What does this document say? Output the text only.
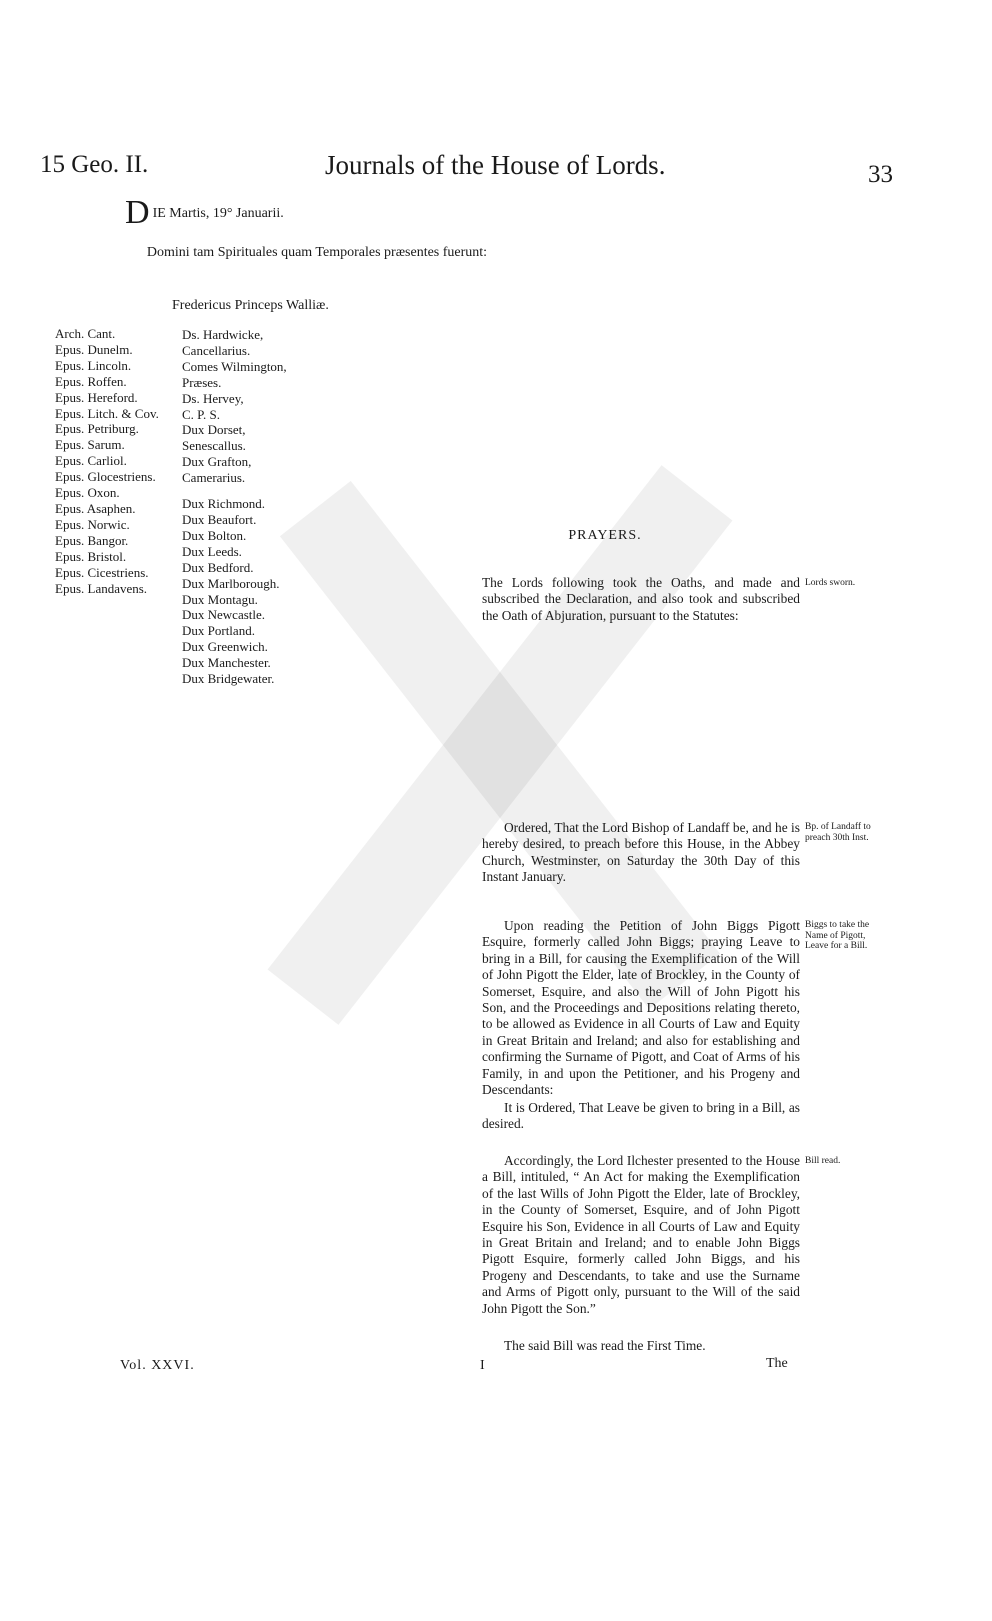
15 Geo. II.	Journals of the House of Lords.	33
DIE Martis, 19° Januarii.
Domini tam Spirituales quam Temporales præsentes fuerunt:
Fredericus Princeps Walliæ.
Arch. Cant.
Epus. Dunelm.
Epus. Lincoln.
Epus. Roffen.
Epus. Hereford.
Epus. Litch. & Cov.
Epus. Petriburg.
Epus. Sarum.
Epus. Carliol.
Epus. Glocestriens.
Epus. Oxon.
Epus. Asaphen.
Epus. Norwic.
Epus. Bangor.
Epus. Bristol.
Epus. Cicestriens.
Epus. Landavens.
Ds. Hardwicke,
Cancellarius.
Comes Wilmington,
Præses.
Ds. Hervey,
C. P. S.
Dux Dorset,
Senescallus.
Dux Grafton,
Camerarius.
Dux Richmond.
Dux Beaufort.
Dux Bolton.
Dux Leeds.
Dux Bedford.
Dux Marlborough.
Dux Montagu.
Dux Newcastle.
Dux Portland.
Dux Greenwich.
Dux Manchester.
Dux Bridgewater.
PRAYERS.
The Lords following took the Oaths, and made and subscribed the Declaration, and also took and subscribed the Oath of Abjuration, pursuant to the Statutes:
Lords sworn.
Ordered, That the Lord Bishop of Landaff be, and he is hereby desired, to preach before this House, in the Abbey Church, Westminster, on Saturday the 30th Day of this Instant January.
Bp. of Landaff to preach 30th Inst.
Upon reading the Petition of John Biggs Pigott Esquire, formerly called John Biggs; praying Leave to bring in a Bill, for causing the Exemplification of the Will of John Pigott the Elder, late of Brockley, in the County of Somerset, Esquire, and also the Will of John Pigott his Son, and the Proceedings and Depositions relating thereto, to be allowed as Evidence in all Courts of Law and Equity in Great Britain and Ireland; and also for establishing and confirming the Surname of Pigott, and Coat of Arms of his Family, in and upon the Petitioner, and his Progeny and Descendants:
Biggs to take the Name of Pigott, Leave for a Bill.
It is Ordered, That Leave be given to bring in a Bill, as desired.
Accordingly, the Lord Ilchester presented to the House a Bill, intituled, “ An Act for making the Exemplification of the last Wills of John Pigott the Elder, late of Brockley, in the County of Somerset, Esquire, and of John Pigott Esquire his Son, Evidence in all Courts of Law and Equity in Great Britain and Ireland; and to enable John Biggs Pigott Esquire, formerly called John Biggs, and his Progeny and Descendants, to take and use the Surname and Arms of Pigott only, pursuant to the Will of the said John Pigott the Son.”
Bill read.
The said Bill was read the First Time.
Vol. XXVI.	I	The
